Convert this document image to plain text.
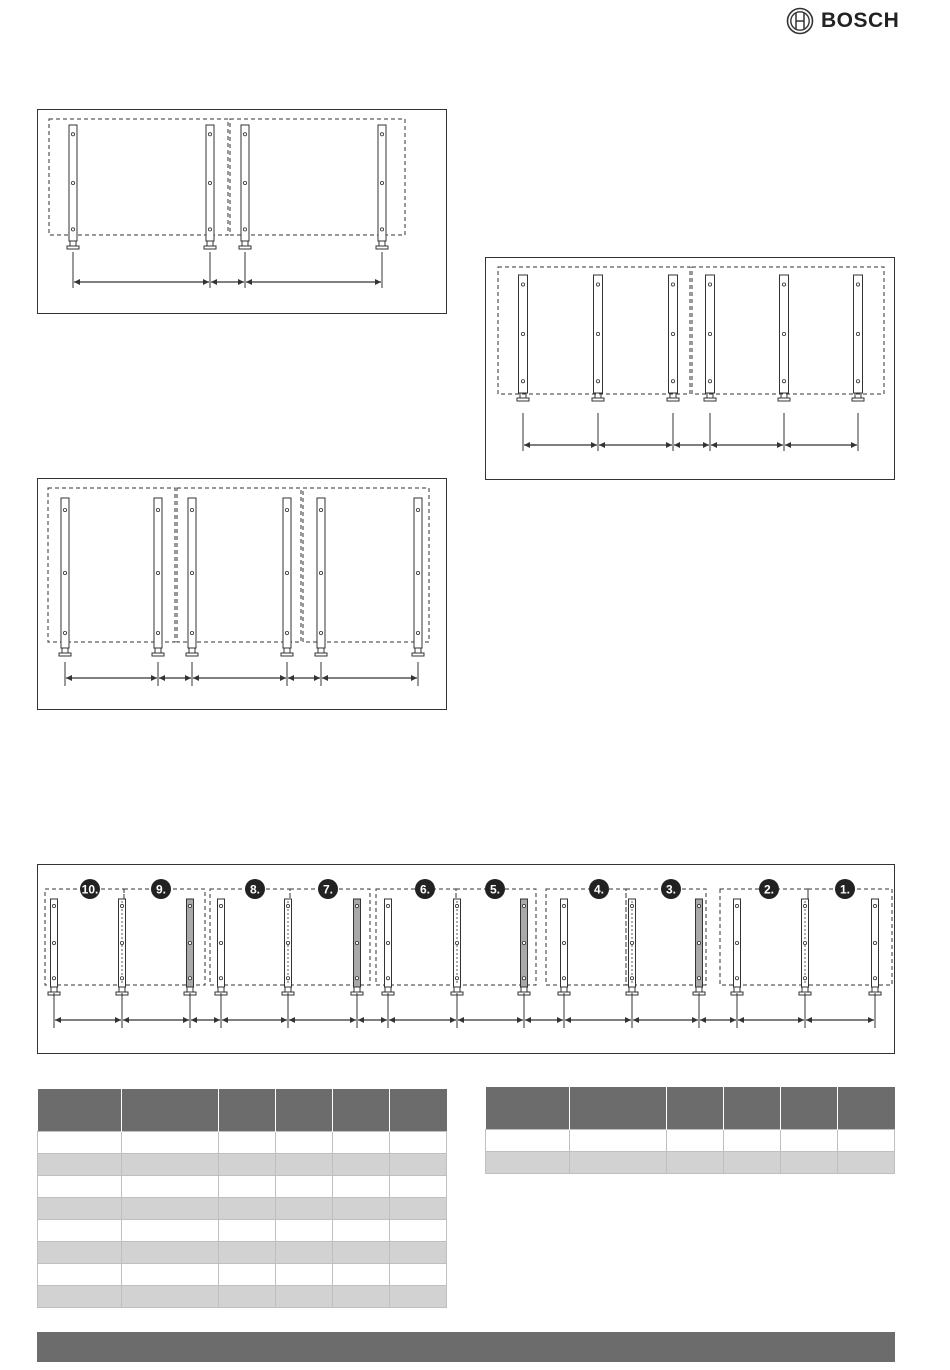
BOSCH
10.	9.	8.	7.	6.	5.	4.	3.	2.	1.
